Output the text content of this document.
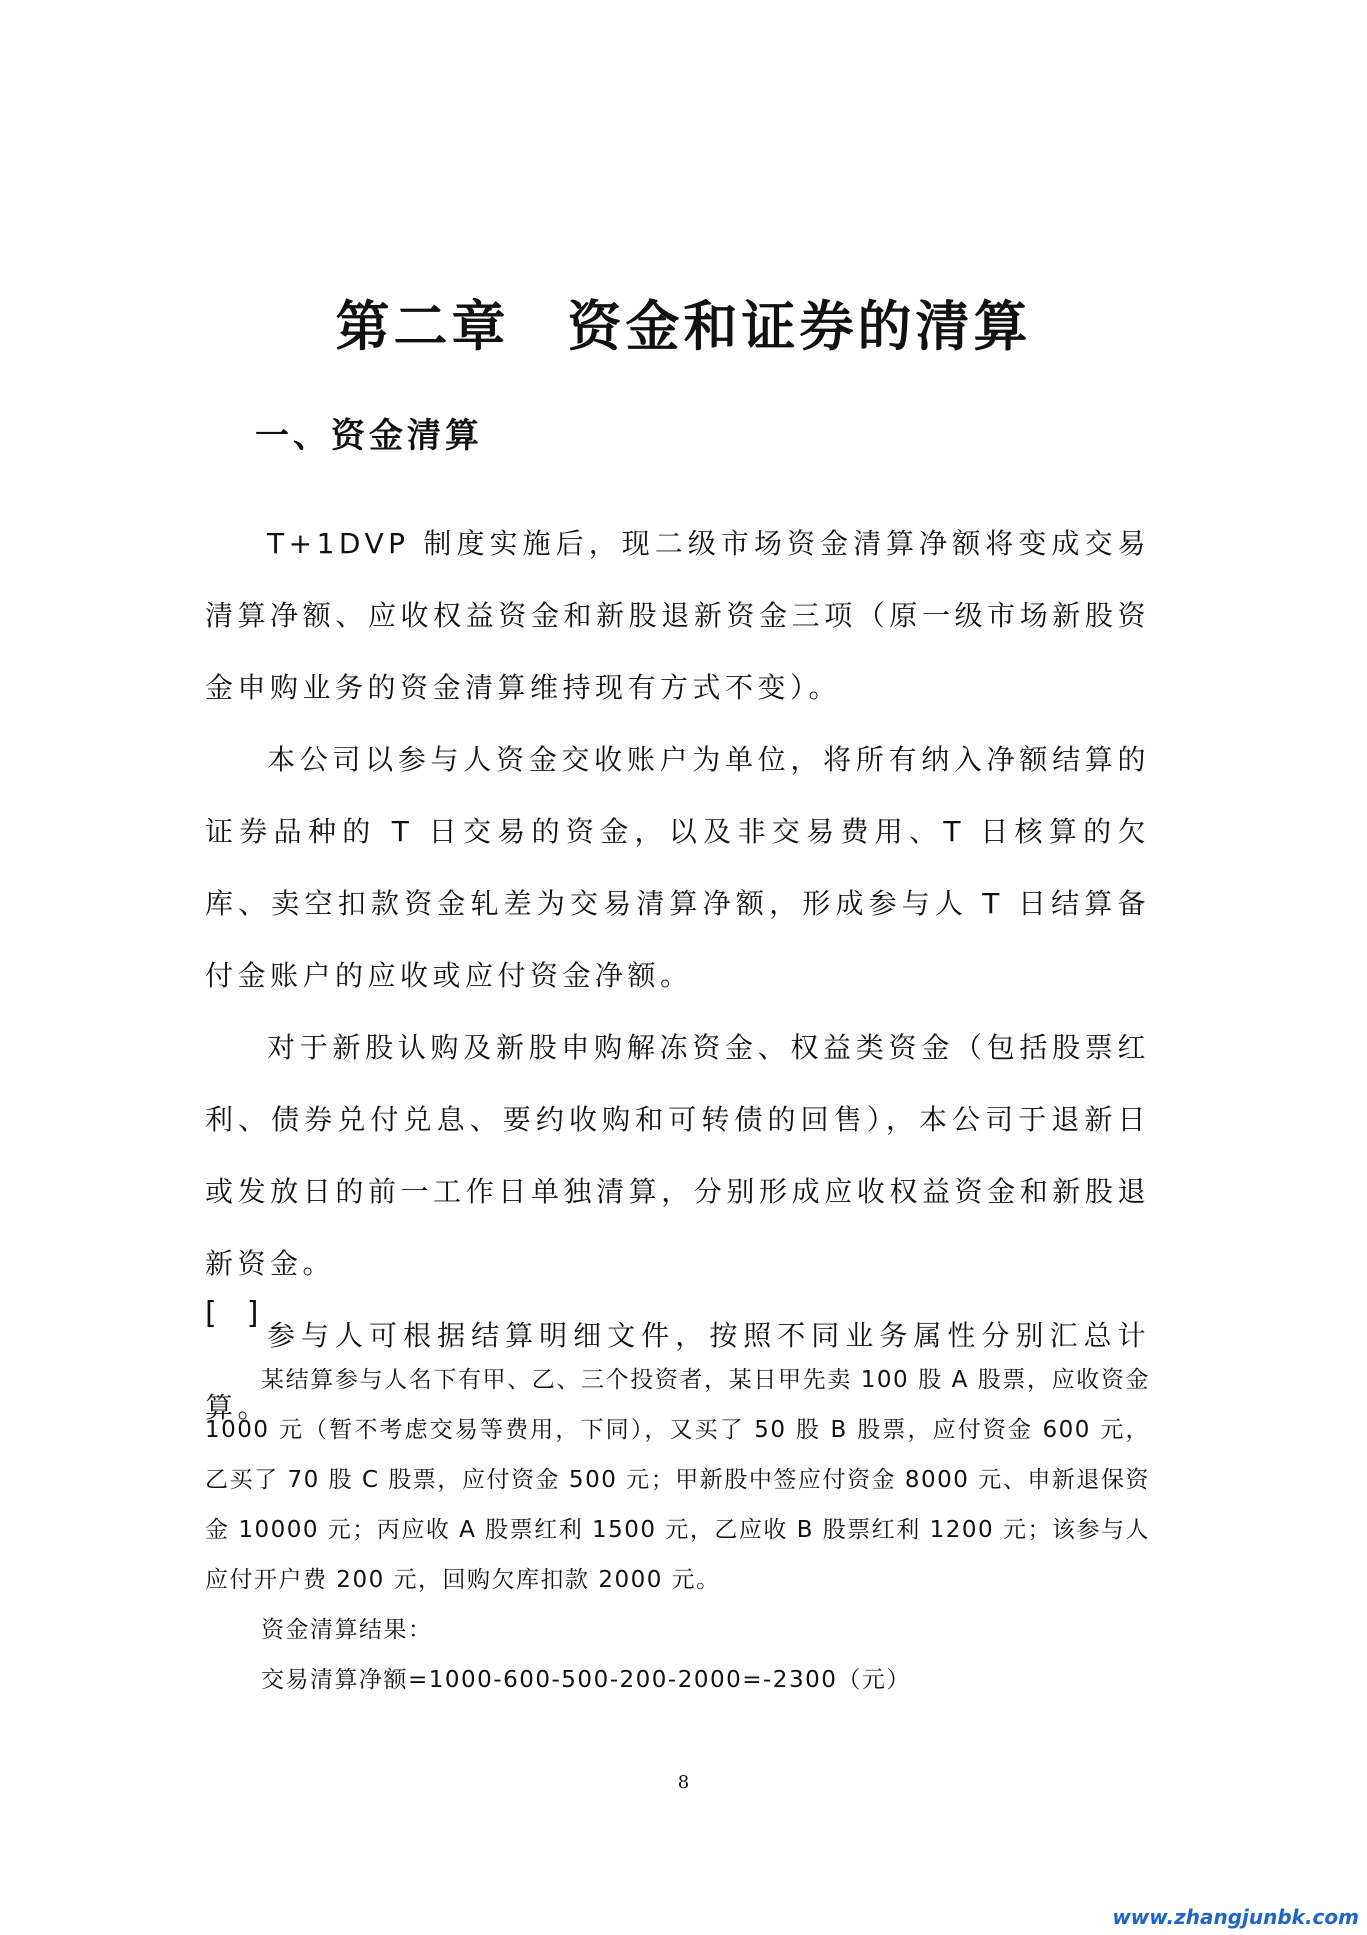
第二章　资金和证券的清算
一、资金清算

T+1DVP 制度实施后，现二级市场资金清算净额将变成交易清算净额、应收权益资金和新股退新资金三项（原一级市场新股资金申购业务的资金清算维持现有方式不变）。

本公司以参与人资金交收账户为单位，将所有纳入净额结算的证券品种的 T 日交易的资金，以及非交易费用、T 日核算的欠库、卖空扣款资金轧差为交易清算净额，形成参与人 T 日结算备付金账户的应收或应付资金净额。

对于新股认购及新股申购解冻资金、权益类资金（包括股票红利、债券兑付兑息、要约收购和可转债的回售），本公司于退新日或发放日的前一工作日单独清算，分别形成应收权益资金和新股退新资金。

参与人可根据结算明细文件，按照不同业务属性分别汇总计算。

[　]

某结算参与人名下有甲、乙、三个投资者，某日甲先卖 100 股 A 股票，应收资金 1000 元（暂不考虑交易等费用，下同），又买了 50 股 B 股票，应付资金 600 元，乙买了 70 股 C 股票，应付资金 500 元；甲新股中签应付资金 8000 元、申新退保资金 10000 元；丙应收 A 股票红利 1500 元，乙应收 B 股票红利 1200 元；该参与人应付开户费 200 元，回购欠库扣款 2000 元。

资金清算结果：

交易清算净额=1000-600-500-200-2000=-2300（元）

8
www.zhangjunbk.com
